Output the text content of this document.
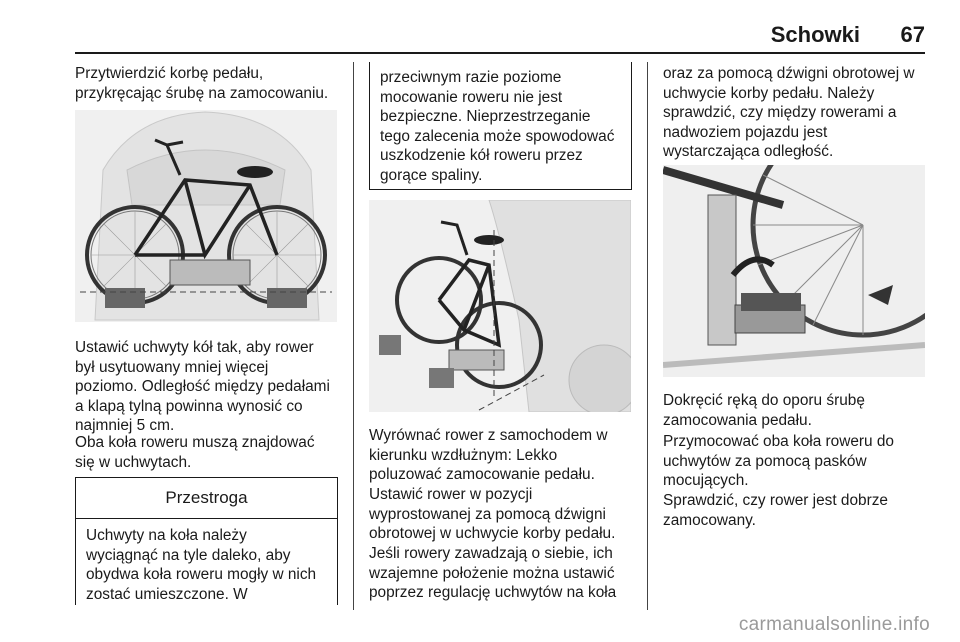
Schowki	67

Przytwierdzić korbę pedału,
przykręcając śrubę na zamocowaniu.

Ustawić uchwyty kół tak, aby rower
był usytuowany mniej więcej
poziomo. Odległość między pedałami
a klapą tylną powinna wynosić co
najmniej 5 cm.

Oba koła roweru muszą znajdować
się w uchwytach.

Przestroga
Uchwyty na koła należy
wyciągnąć na tyle daleko, aby
obydwa koła roweru mogły w nich
zostać umieszczone. W
przeciwnym razie poziome
mocowanie roweru nie jest
bezpieczne. Nieprzestrzeganie
tego zalecenia może spowodować
uszkodzenie kół roweru przez
gorące spaliny.

Wyrównać rower z samochodem w
kierunku wzdłużnym: Lekko
poluzować zamocowanie pedału.

Ustawić rower w pozycji
wyprostowanej za pomocą dźwigni
obrotowej w uchwycie korby pedału.

Jeśli rowery zawadzają o siebie, ich
wzajemne położenie można ustawić
poprzez regulację uchwytów na koła

oraz za pomocą dźwigni obrotowej w
uchwycie korby pedału. Należy
sprawdzić, czy między rowerami a
nadwoziem pojazdu jest
wystarczająca odległość.

Dokręcić ręką do oporu śrubę
zamocowania pedału.

Przymocować oba koła roweru do
uchwytów za pomocą pasków
mocujących.

Sprawdzić, czy rower jest dobrze
zamocowany.

carmanualsonline.info
